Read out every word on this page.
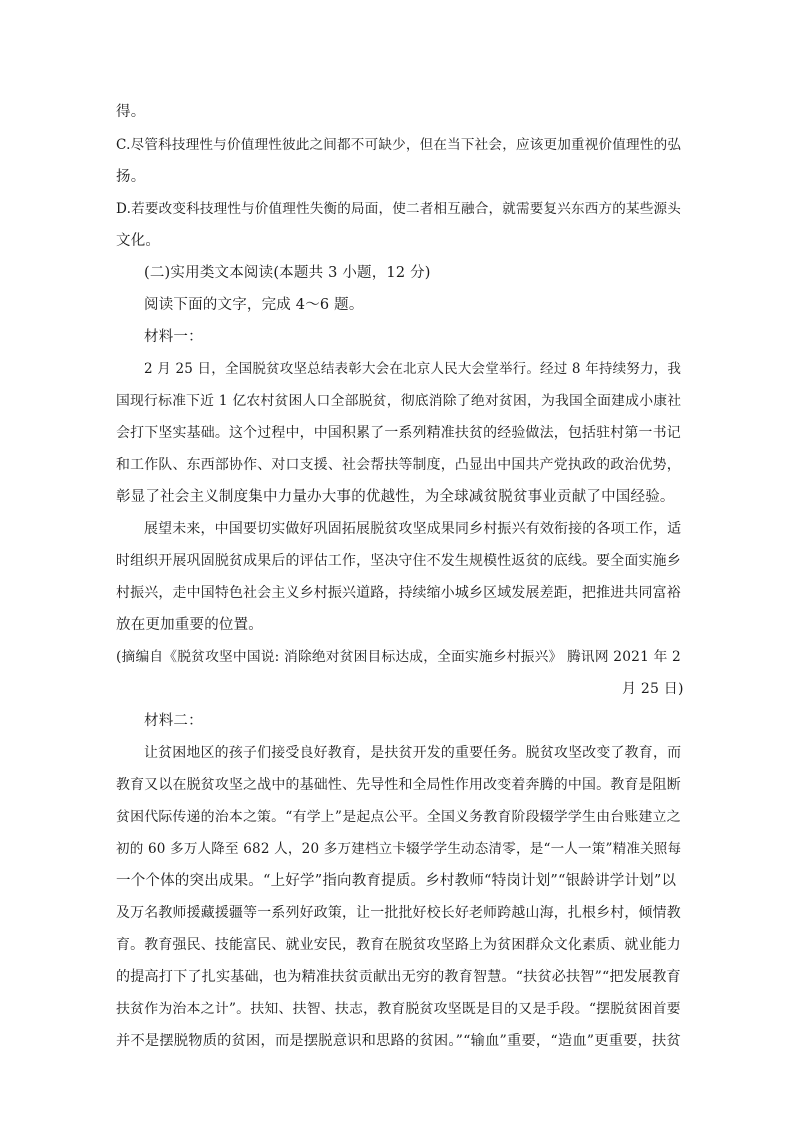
得。
C.尽管科技理性与价值理性彼此之间都不可缺少，但在当下社会，应该更加重视价值理性的弘
扬。
D.若要改变科技理性与价值理性失衡的局面，使二者相互融合，就需要复兴东西方的某些源头
文化。
(二)实用类文本阅读(本题共 3 小题，12 分)
阅读下面的文字，完成 4～6 题。
材料一：
2 月 25 日，全国脱贫攻坚总结表彰大会在北京人民大会堂举行。经过 8 年持续努力，我
国现行标准下近 1 亿农村贫困人口全部脱贫，彻底消除了绝对贫困，为我国全面建成小康社
会打下坚实基础。这个过程中，中国积累了一系列精准扶贫的经验做法，包括驻村第一书记
和工作队、东西部协作、对口支援、社会帮扶等制度，凸显出中国共产党执政的政治优势，
彰显了社会主义制度集中力量办大事的优越性，为全球减贫脱贫事业贡献了中国经验。
展望未来，中国要切实做好巩固拓展脱贫攻坚成果同乡村振兴有效衔接的各项工作，适
时组织开展巩固脱贫成果后的评估工作，坚决守住不发生规模性返贫的底线。要全面实施乡
村振兴，走中国特色社会主义乡村振兴道路，持续缩小城乡区域发展差距，把推进共同富裕
放在更加重要的位置。
(摘编自《脱贫攻坚中国说: 消除绝对贫困目标达成，全面实施乡村振兴》 腾讯网 2021 年 2
月 25 日)
材料二：
让贫困地区的孩子们接受良好教育，是扶贫开发的重要任务。脱贫攻坚改变了教育，而
教育又以在脱贫攻坚之战中的基础性、先导性和全局性作用改变着奔腾的中国。教育是阻断
贫困代际传递的治本之策。“有学上”是起点公平。全国义务教育阶段辍学学生由台账建立之
初的 60 多万人降至 682 人，20 多万建档立卡辍学学生动态清零，是“一人一策”精准关照每
一个个体的突出成果。“上好学”指向教育提质。乡村教师“特岗计划”“银龄讲学计划”以
及万名教师援藏援疆等一系列好政策，让一批批好校长好老师跨越山海，扎根乡村，倾情教
育。教育强民、技能富民、就业安民，教育在脱贫攻坚路上为贫困群众文化素质、就业能力
的提高打下了扎实基础，也为精准扶贫贡献出无穷的教育智慧。“扶贫必扶智”“把发展教育
扶贫作为治本之计”。扶知、扶智、扶志，教育脱贫攻坚既是目的又是手段。“摆脱贫困首要
并不是摆脱物质的贫困，而是摆脱意识和思路的贫困。”“输血”重要，“造血”更重要，扶贫
